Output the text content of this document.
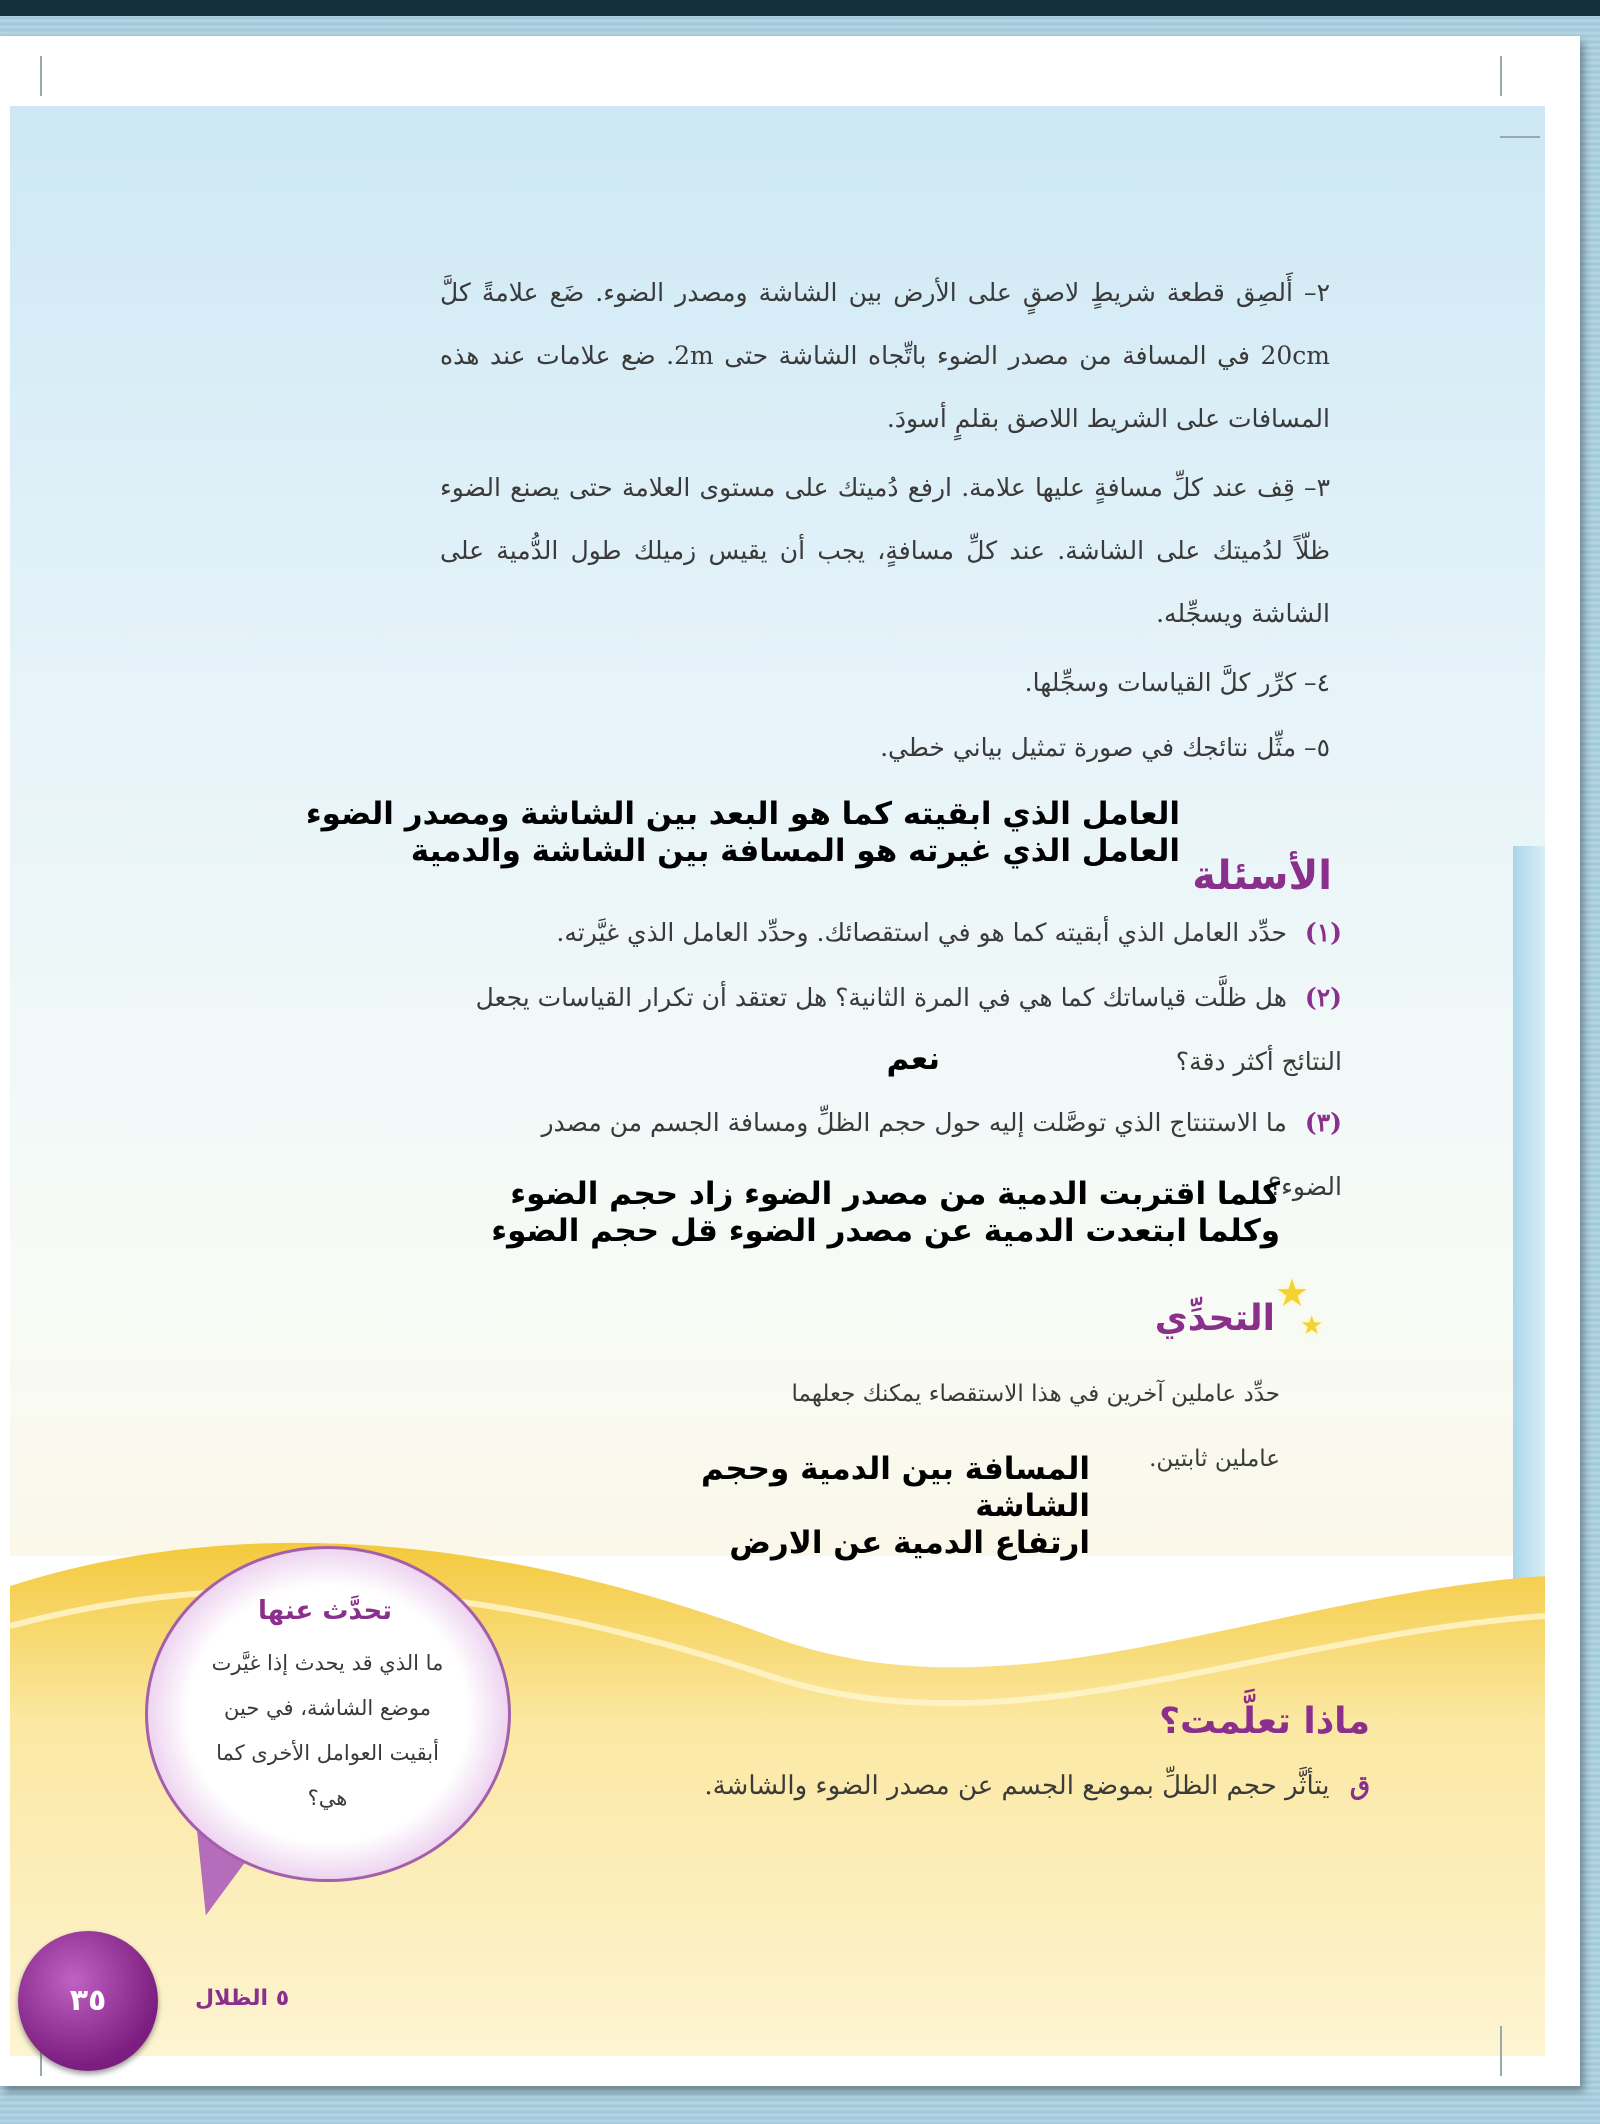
٢– أَلصِق قطعة شريطٍ لاصقٍ على الأرض بين الشاشة ومصدر الضوء. ضَع علامةً كلَّ 20cm في المسافة من مصدر الضوء باتِّجاه الشاشة حتى 2m. ضع علامات عند هذه المسافات على الشريط اللاصق بقلمٍ أسودَ.
٣– قِف عند كلِّ مسافةٍ عليها علامة. ارفع دُميتك على مستوى العلامة حتى يصنع الضوء ظلّاً لدُميتك على الشاشة. عند كلِّ مسافةٍ، يجب أن يقيس زميلك طول الدُّمية على الشاشة ويسجِّله.
٤– كرِّر كلَّ القياسات وسجِّلها.
٥– مثِّل نتائجك في صورة تمثيل بياني خطي.
الأسئلة
العامل الذي ابقيته كما هو البعد بين الشاشة ومصدر الضوء
العامل الذي غيرته هو المسافة بين الشاشة والدمية
(١) حدِّد العامل الذي أبقيته كما هو في استقصائك. وحدِّد العامل الذي غيَّرته.
(٢) هل ظلَّت قياساتك كما هي في المرة الثانية؟ هل تعتقد أن تكرار القياسات يجعل النتائج أكثر دقة؟
نعم
(٣) ما الاستنتاج الذي توصَّلت إليه حول حجم الظلِّ ومسافة الجسم من مصدر الضوء؟
كلما اقتربت الدمية من مصدر الضوء زاد حجم الضوء
وكلما ابتعدت الدمية عن مصدر الضوء قل حجم الضوء
★
★
التحدِّي
حدِّد عاملين آخرين في هذا الاستقصاء يمكنك جعلهما
عاملين ثابتين.
المسافة بين الدمية وحجم الشاشة
ارتفاع الدمية عن الارض
تحدَّث عنها
ما الذي قد يحدث إذا غيَّرت موضع الشاشة، في حين أبقيت العوامل الأخرى كما هي؟
ماذا تعلَّمت؟
ق يتأثَّر حجم الظلِّ بموضع الجسم عن مصدر الضوء والشاشة.
٣٥	٥ الظلال
